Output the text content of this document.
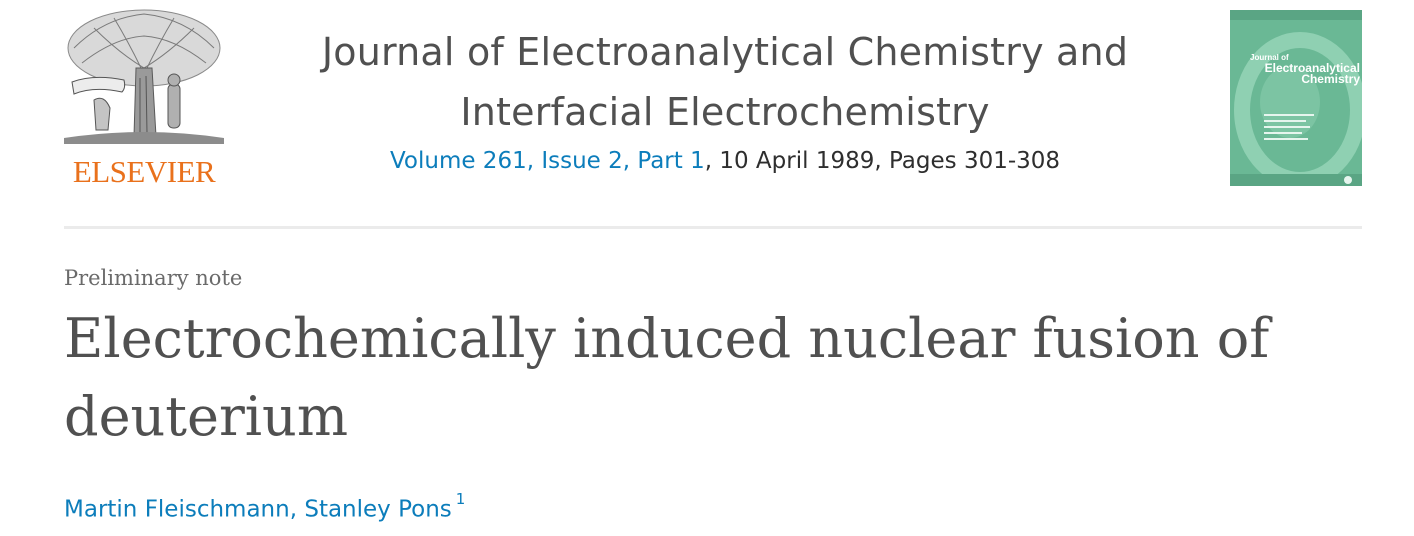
ELSEVIER
Journal of Electroanalytical Chemistry and
Interfacial Electrochemistry
Volume 261, Issue 2, Part 1, 10 April 1989, Pages 301-308
Journal of
Electroanalytical
Chemistry
Preliminary note
Electrochemically induced nuclear fusion of deuterium
Martin Fleischmann, Stanley Pons $^1$
